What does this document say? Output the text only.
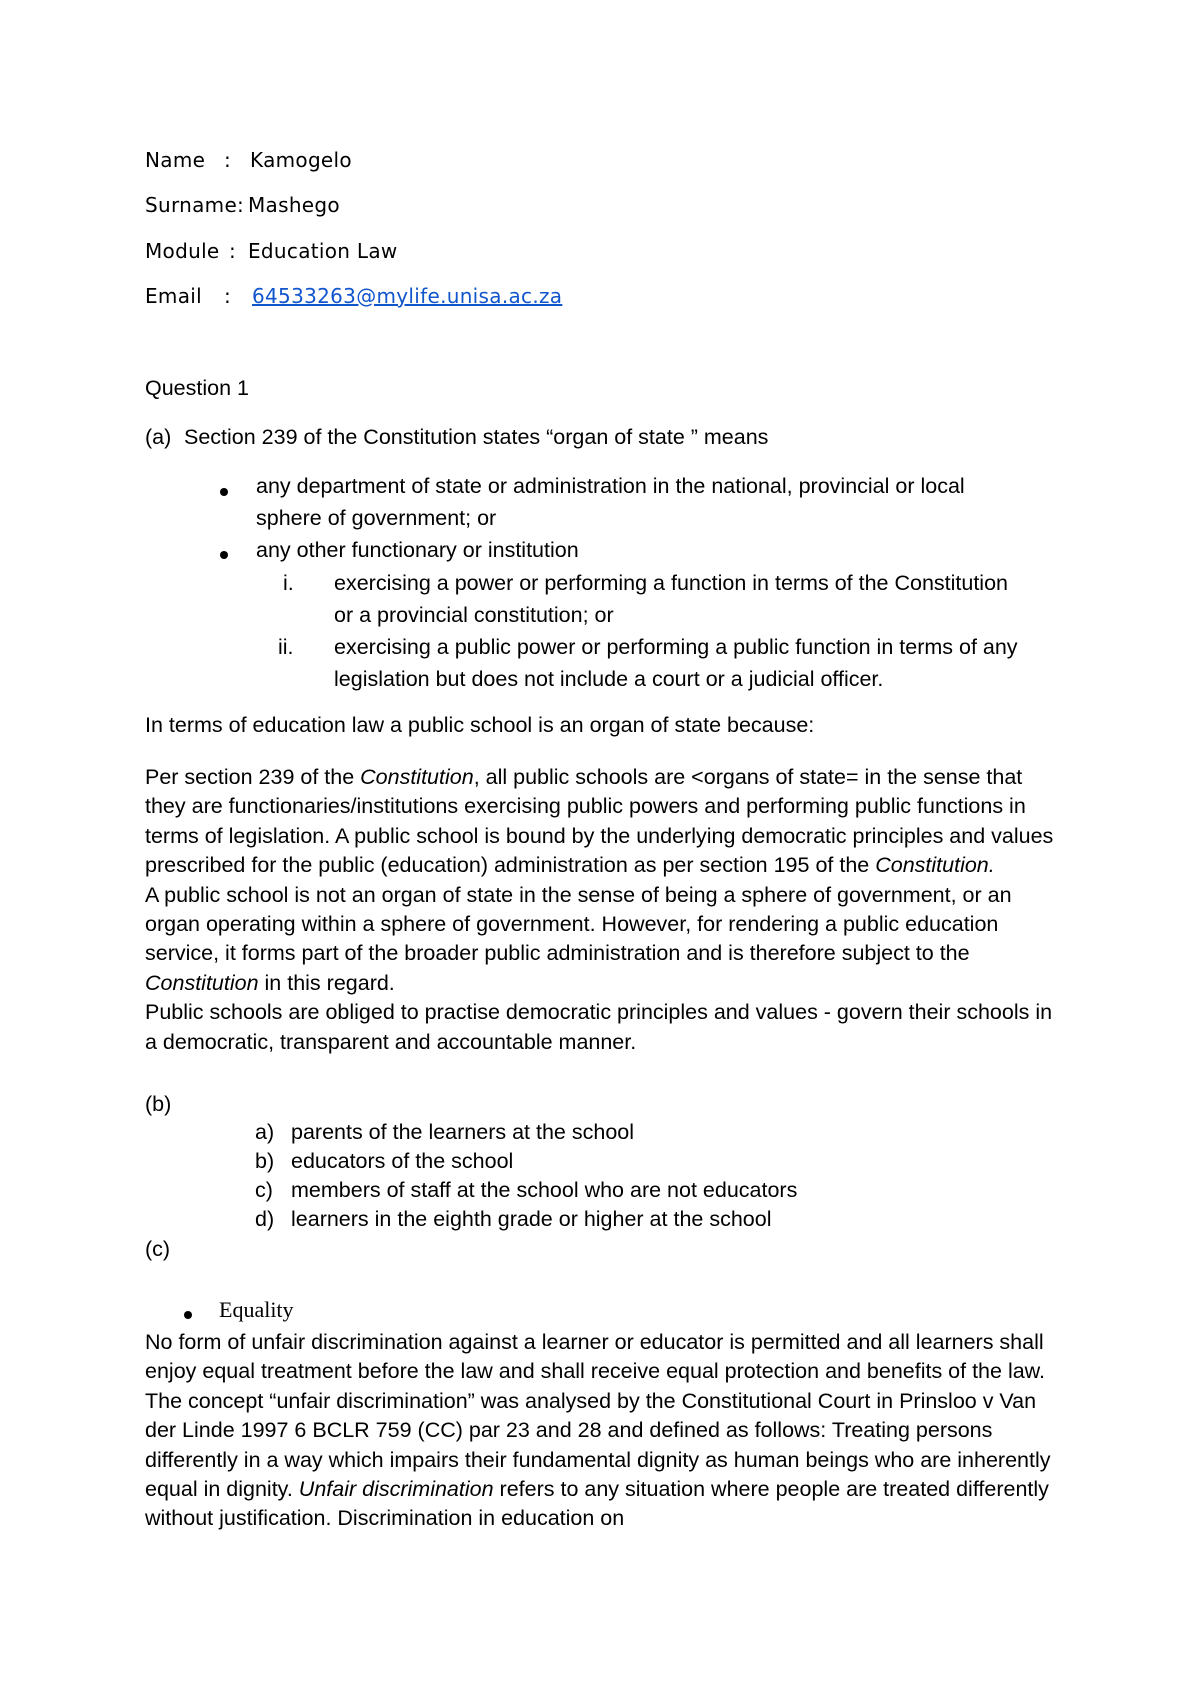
Name : Kamogelo
Surname: Mashego
Module : Education Law
Email : 64533263@mylife.unisa.ac.za
Question 1
(a) Section 239 of the Constitution states “organ of state ” means
any department of state or administration in the national, provincial or local
sphere of government; or
any other functionary or institution
i. exercising a power or performing a function in terms of the Constitution
or a provincial constitution; or
ii. exercising a public power or performing a public function in terms of any
legislation but does not include a court or a judicial officer.
In terms of education law a public school is an organ of state because:

Per section 239 of the Constitution, all public schools are <organs of state= in the sense that they are functionaries/institutions exercising public powers and performing public functions in terms of legislation. A public school is bound by the underlying democratic principles and values prescribed for the public (education) administration as per section 195 of the Constitution.

A public school is not an organ of state in the sense of being a sphere of government, or an organ operating within a sphere of government. However, for rendering a public education service, it forms part of the broader public administration and is therefore subject to the Constitution in this regard.

Public schools are obliged to practise democratic principles and values - govern their schools in a democratic, transparent and accountable manner.

(b)
a) parents of the learners at the school
b) educators of the school
c) members of staff at the school who are not educators
d) learners in the eighth grade or higher at the school
(c)
Equality

No form of unfair discrimination against a learner or educator is permitted and all learners shall enjoy equal treatment before the law and shall receive equal protection and benefits of the law. The concept “unfair discrimination” was analysed by the Constitutional Court in Prinsloo v Van der Linde 1997 6 BCLR 759 (CC) par 23 and 28 and defined as follows: Treating persons differently in a way which impairs their fundamental dignity as human beings who are inherently equal in dignity. Unfair discrimination refers to any situation where people are treated differently without justification. Discrimination in education on
